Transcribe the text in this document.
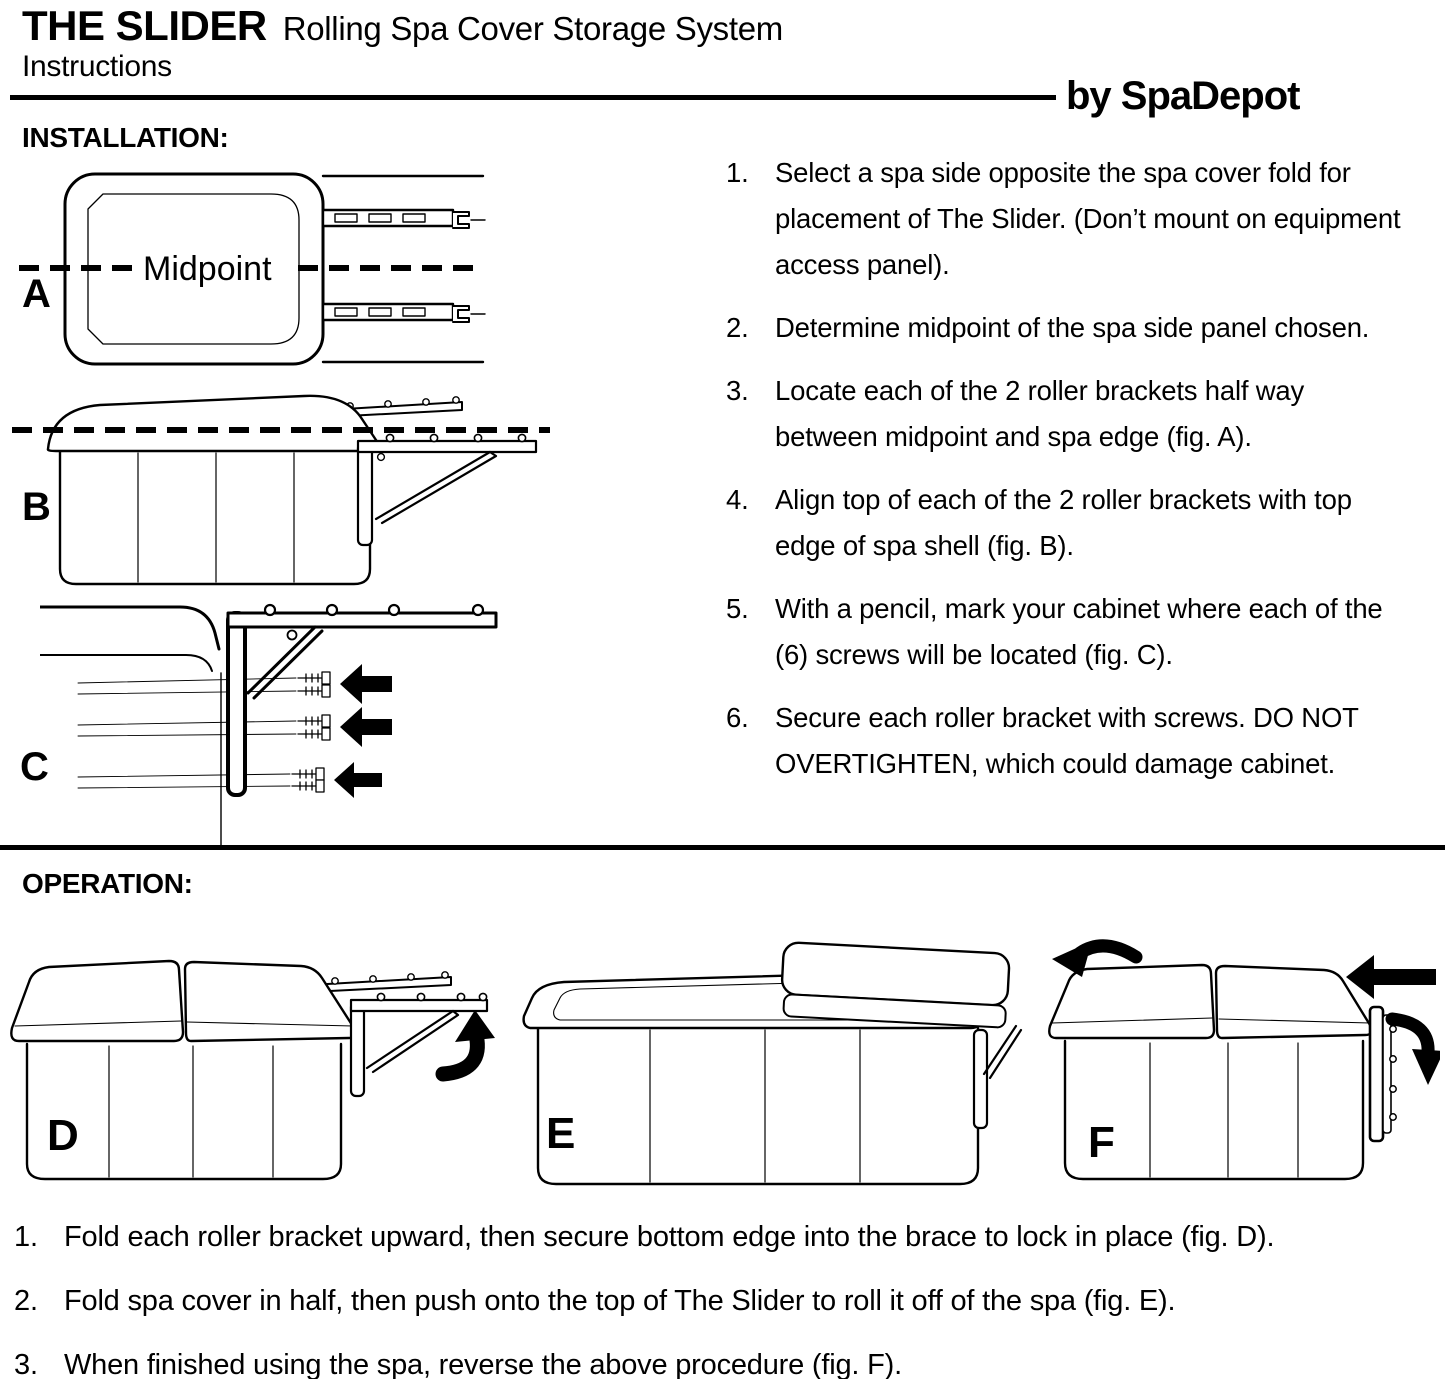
THE SLIDER Rolling Spa Cover Storage System
Instructions
by SpaDepot
INSTALLATION:
Midpoint
A
B
C
Select a spa side opposite the spa cover fold for placement of The Slider. (Don’t mount on equipment access panel).
Determine midpoint of the spa side panel chosen.
Locate each of the 2 roller brackets half way between midpoint and spa edge (fig. A).
Align top of each of the 2 roller brackets with top edge of spa shell (fig. B).
With a pencil, mark your cabinet where each of the (6) screws will be located (fig. C).
Secure each roller bracket with screws. DO NOT OVERTIGHTEN, which could damage cabinet.
OPERATION:
D	E	F
Fold each roller bracket upward, then secure bottom edge into the brace to lock in place (fig. D).
Fold spa cover in half, then push onto the top of The Slider to roll it off of the spa (fig. E).
When finished using the spa, reverse the above procedure (fig. F).
